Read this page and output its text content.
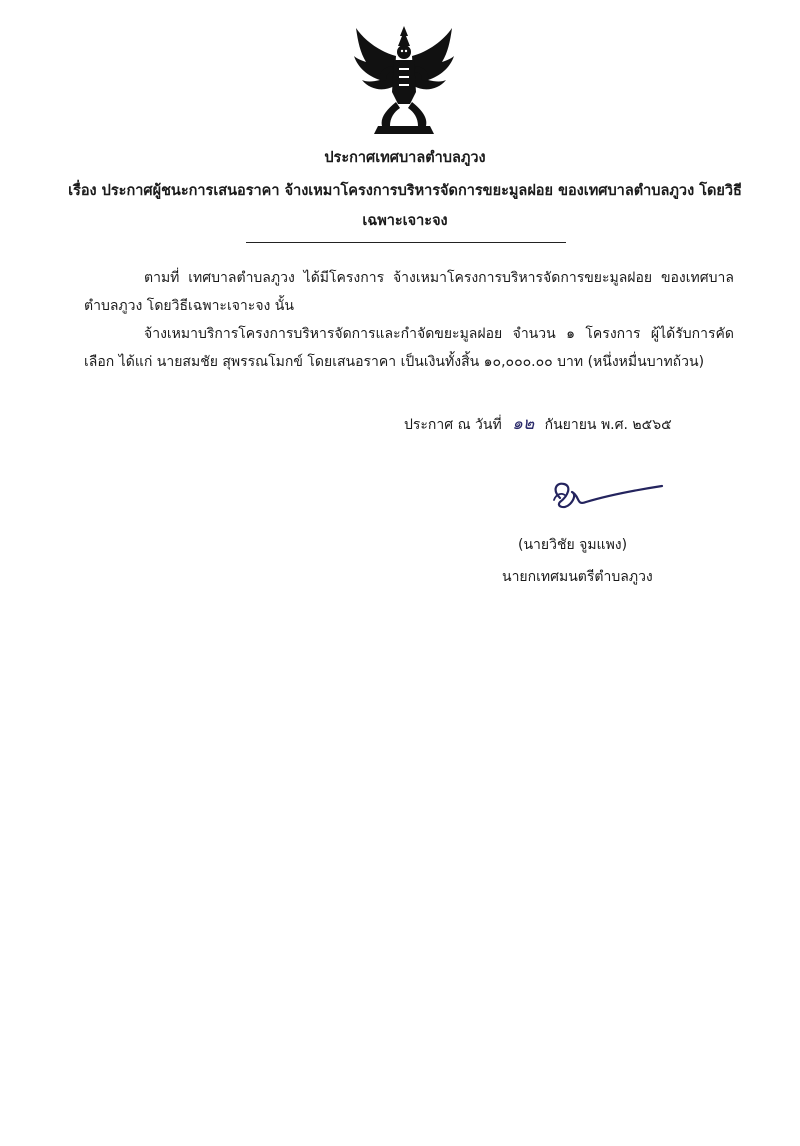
ประกาศเทศบาลตำบลภูวง
เรื่อง ประกาศผู้ชนะการเสนอราคา จ้างเหมาโครงการบริหารจัดการขยะมูลฝอย ของเทศบาลตำบลภูวง โดยวิธีเฉพาะเจาะจง
ตามที่ เทศบาลตำบลภูวง ได้มีโครงการ จ้างเหมาโครงการบริหารจัดการขยะมูลฝอย ของเทศบาลตำบลภูวง โดยวิธีเฉพาะเจาะจง นั้น
จ้างเหมาบริการโครงการบริหารจัดการและกำจัดขยะมูลฝอย จำนวน ๑ โครงการ ผู้ได้รับการคัดเลือก ได้แก่ นายสมชัย สุพรรณโมกข์ โดยเสนอราคา เป็นเงินทั้งสิ้น ๑๐,๐๐๐.๐๐ บาท (หนึ่งหมื่นบาทถ้วน)
ประกาศ ณ วันที่ ๑๒ กันยายน พ.ศ. ๒๕๖๕
(นายวิชัย จูมแพง)
นายกเทศมนตรีตำบลภูวง
